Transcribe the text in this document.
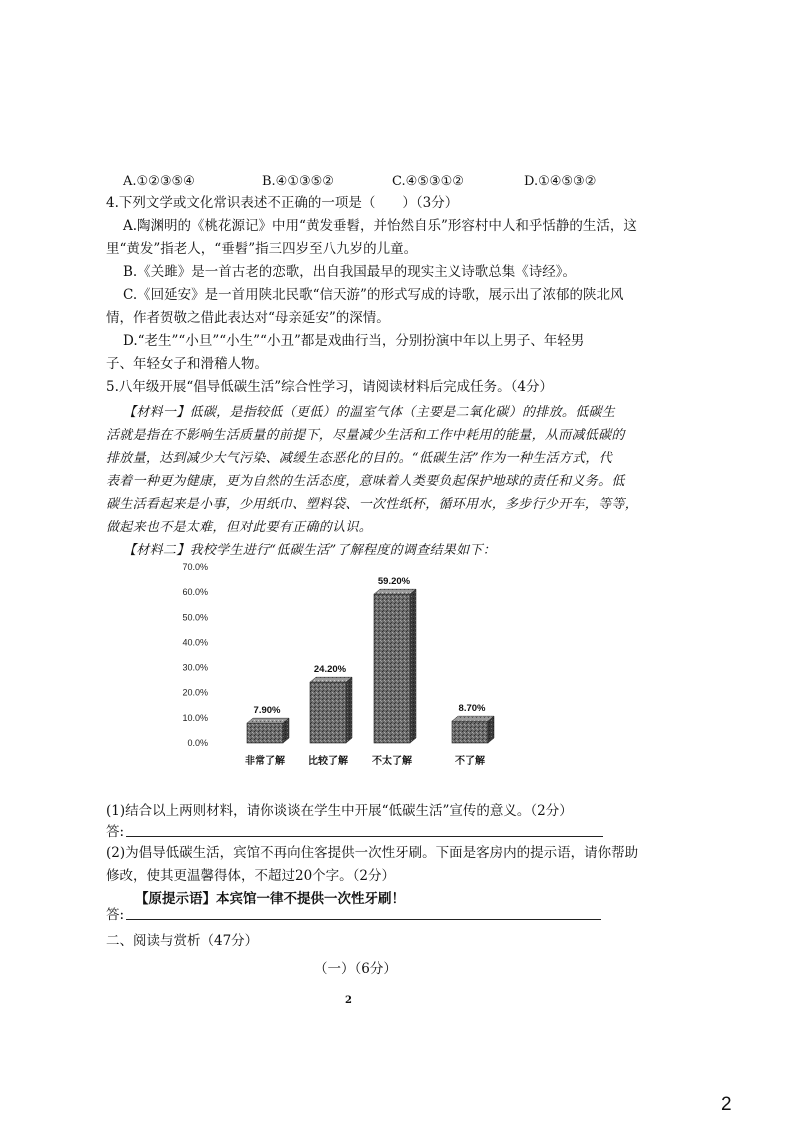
A.①②③⑤④	B.④①③⑤②	C.④⑤③①②	D.①④⑤③②
4.下列文学或文化常识表述不正确的一项是（　　）（3分）
A.陶渊明的《桃花源记》中用“黄发垂髫，并怡然自乐”形容村中人和乎恬静的生活，这
里“黄发”指老人，“垂髫”指三四岁至八九岁的儿童。
B.《关雎》是一首古老的恋歌，出自我国最早的现实主义诗歌总集《诗经》。
C.《回延安》是一首用陕北民歌“信天游”的形式写成的诗歌，展示出了浓郁的陕北风
情，作者贺敬之借此表达对“母亲延安”的深情。
D.“老生”“小旦”“小生”“小丑”都是戏曲行当，分别扮演中年以上男子、年轻男
子、年轻女子和滑稽人物。
5.八年级开展“倡导低碳生活”综合性学习，请阅读材料后完成任务。（4分）
【材料一】低碳，是指较低（更低）的温室气体（主要是二氧化碳）的排放。低碳生
活就是指在不影响生活质量的前提下，尽量减少生活和工作中耗用的能量，从而减低碳的
排放量，达到减少大气污染、减缓生态恶化的目的。“低碳生活”作为一种生活方式，代
表着一种更为健康，更为自然的生活态度，意味着人类要负起保护地球的责任和义务。低
碳生活看起来是小事，少用纸巾、塑料袋、一次性纸杯，循环用水，多步行少开车，等等，
做起来也不是太难，但对此要有正确的认识。
【材料二】我校学生进行“低碳生活”了解程度的调查结果如下：
0.0%
10.0%
20.0%
30.0%
40.0%
50.0%
60.0%
70.0%
7.90%
非常了解
24.20%
比较了解
59.20%
不太了解
8.70%
不了解
(1)结合以上两则材料，请你谈谈在学生中开展“低碳生活”宣传的意义。（2分）
答:
(2)为倡导低碳生活，宾馆不再向住客提供一次性牙刷。下面是客房内的提示语，请你帮助
修改，使其更温馨得体，不超过20个字。（2分）
【原提示语】本宾馆一律不提供一次性牙刷！
答:
二、阅读与赏析（47分）
（一）（6分）
2
2
